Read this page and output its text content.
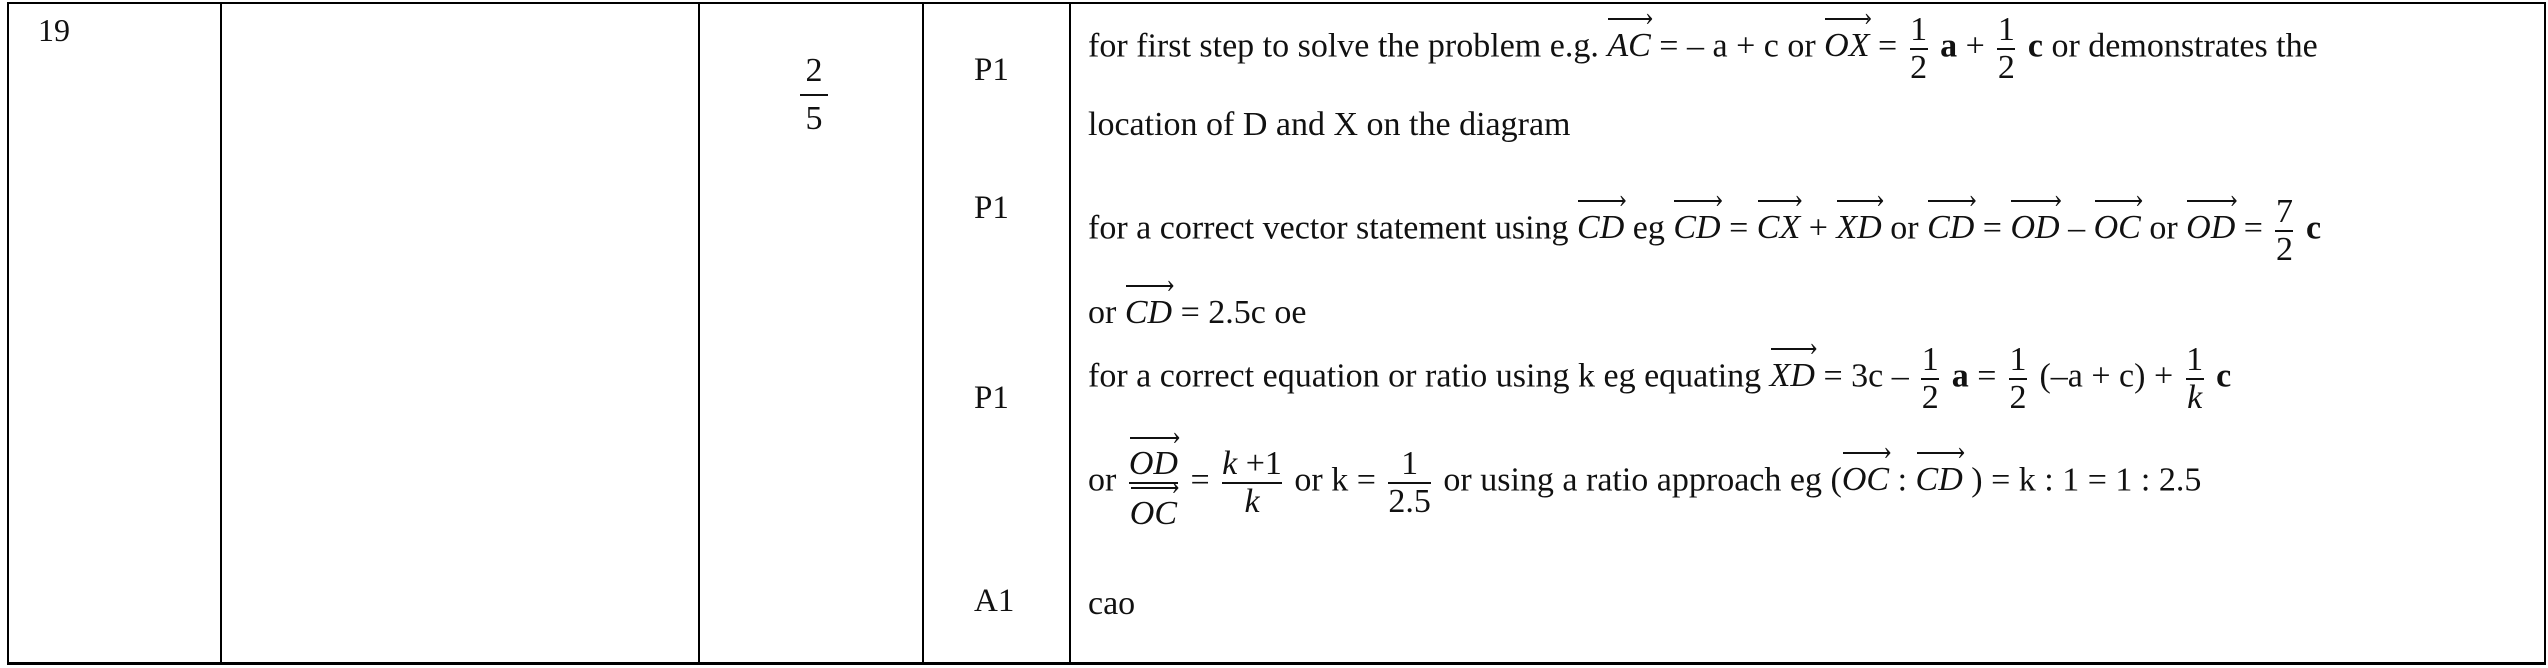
19
2
5
P1
P1
P1
A1
for first step to solve the problem e.g. AC › = – a + c or OX › = $\frac{1}{2}$ $a + \frac{1}{2}$ c or demonstrates the
location of D and X on the diagram
for a correct vector statement using CD › eg CD › = CX › + XD › or CD › = OD › – OC › or OD › = $\frac{7}{2}$ c
or CD › = 2.5c oe
for a correct equation or ratio using k eg equating XD › = $3c - \frac{1}{2}$ $a = \frac{1}{2} (-a + c) + \frac{1}{k}$ c
or $\frac{OD ›}{OC}$ › = $\frac{k +1}{k}$ or $k = \frac{1}{2.5}$ or using a ratio approach eg (OC › : CD › ) = k : 1 = 1 : 2.5
cao
